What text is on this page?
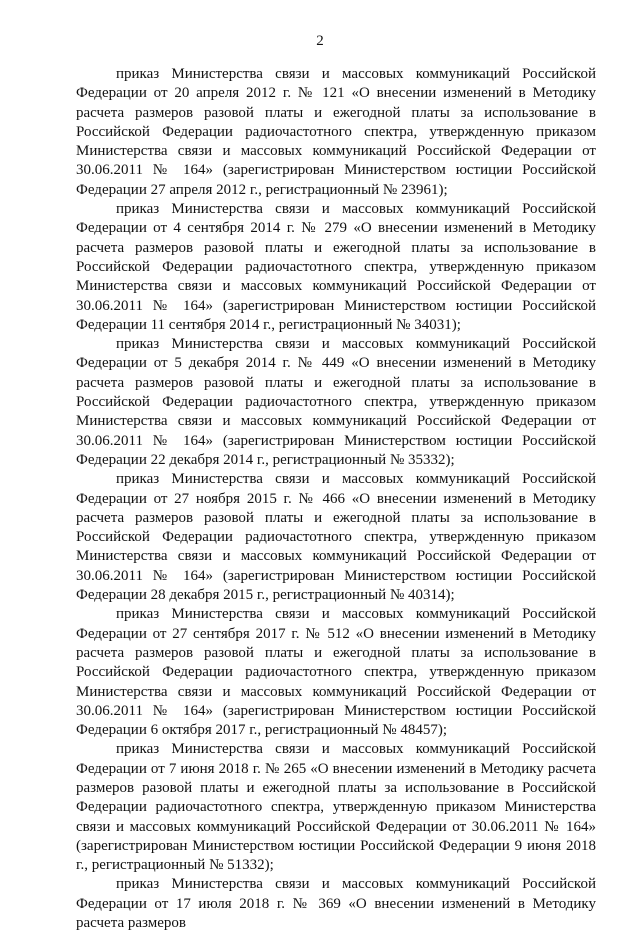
2

приказ Министерства связи и массовых коммуникаций Российской Федерации от 20 апреля 2012 г. № 121 «О внесении изменений в Методику расчета размеров разовой платы и ежегодной платы за использование в Российской Федерации радиочастотного спектра, утвержденную приказом Министерства связи и массовых коммуникаций Российской Федерации от 30.06.2011 № 164» (зарегистрирован Министерством юстиции Российской Федерации 27 апреля 2012 г., регистрационный № 23961);

приказ Министерства связи и массовых коммуникаций Российской Федерации от 4 сентября 2014 г. № 279 «О внесении изменений в Методику расчета размеров разовой платы и ежегодной платы за использование в Российской Федерации радиочастотного спектра, утвержденную приказом Министерства связи и массовых коммуникаций Российской Федерации от 30.06.2011 № 164» (зарегистрирован Министерством юстиции Российской Федерации 11 сентября 2014 г., регистрационный № 34031);

приказ Министерства связи и массовых коммуникаций Российской Федерации от 5 декабря 2014 г. № 449 «О внесении изменений в Методику расчета размеров разовой платы и ежегодной платы за использование в Российской Федерации радиочастотного спектра, утвержденную приказом Министерства связи и массовых коммуникаций Российской Федерации от 30.06.2011 № 164» (зарегистрирован Министерством юстиции Российской Федерации 22 декабря 2014 г., регистрационный № 35332);

приказ Министерства связи и массовых коммуникаций Российской Федерации от 27 ноября 2015 г. № 466 «О внесении изменений в Методику расчета размеров разовой платы и ежегодной платы за использование в Российской Федерации радиочастотного спектра, утвержденную приказом Министерства связи и массовых коммуникаций Российской Федерации от 30.06.2011 № 164» (зарегистрирован Министерством юстиции Российской Федерации 28 декабря 2015 г., регистрационный № 40314);

приказ Министерства связи и массовых коммуникаций Российской Федерации от 27 сентября 2017 г. № 512 «О внесении изменений в Методику расчета размеров разовой платы и ежегодной платы за использование в Российской Федерации радиочастотного спектра, утвержденную приказом Министерства связи и массовых коммуникаций Российской Федерации от 30.06.2011 № 164» (зарегистрирован Министерством юстиции Российской Федерации 6 октября 2017 г., регистрационный № 48457);

приказ Министерства связи и массовых коммуникаций Российской Федерации от 7 июня 2018 г. № 265 «О внесении изменений в Методику расчета размеров разовой платы и ежегодной платы за использование в Российской Федерации радиочастотного спектра, утвержденную приказом Министерства связи и массовых коммуникаций Российской Федерации от 30.06.2011 № 164» (зарегистрирован Министерством юстиции Российской Федерации 9 июня 2018 г., регистрационный № 51332);

приказ Министерства связи и массовых коммуникаций Российской Федерации от 17 июля 2018 г. № 369 «О внесении изменений в Методику расчета размеров
